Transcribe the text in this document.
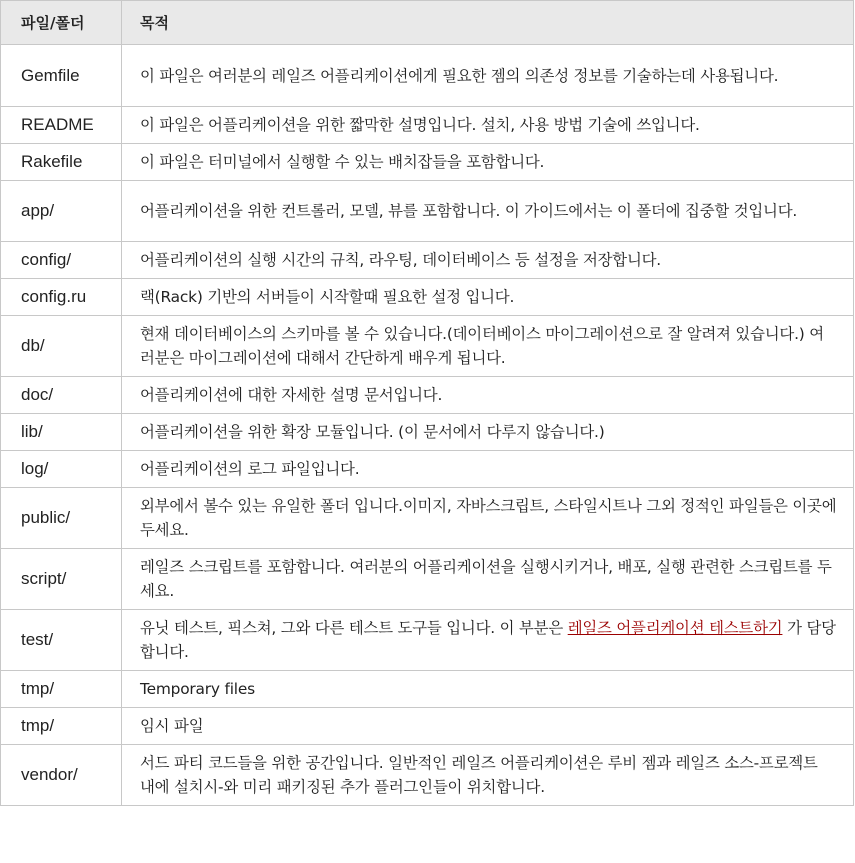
파일/폴더	목적
Gemfile	이 파일은 여러분의 레일즈 어플리케이션에게 필요한 젬의 의존성 정보를 기술하는데 사용됩니다.
README	이 파일은 어플리케이션을 위한 짧막한 설명입니다. 설치, 사용 방법 기술에 쓰입니다.
Rakefile	이 파일은 터미널에서 실행할 수 있는 배치잡들을 포함합니다.
app/	어플리케이션을 위한 컨트롤러, 모델, 뷰를 포함합니다. 이 가이드에서는 이 폴더에 집중할 것입니다.
config/	어플리케이션의 실행 시간의 규칙, 라우팅, 데이터베이스 등 설정을 저장합니다.
config.ru	랙(Rack) 기반의 서버들이 시작할때 필요한 설정 입니다.
db/	현재 데이터베이스의 스키마를 볼 수 있습니다.(데이터베이스 마이그레이션으로 잘 알려져 있습니다.) 여러분은 마이그레이션에 대해서 간단하게 배우게 됩니다.
doc/	어플리케이션에 대한 자세한 설명 문서입니다.
lib/	어플리케이션을 위한 확장 모듈입니다. (이 문서에서 다루지 않습니다.)
log/	어플리케이션의 로그 파일입니다.
public/	외부에서 볼수 있는 유일한 폴더 입니다.이미지, 자바스크립트, 스타일시트나 그외 정적인 파일들은 이곳에 두세요.
script/	레일즈 스크립트를 포함합니다. 여러분의 어플리케이션을 실행시키거나, 배포, 실행 관련한 스크립트를 두세요.
test/	유닛 테스트, 픽스쳐, 그와 다른 테스트 도구들 입니다. 이 부분은 레일즈 어플리케이션 테스트하기 가 담당합니다.
tmp/	Temporary files
tmp/	임시 파일
vendor/	서드 파티 코드들을 위한 공간입니다. 일반적인 레일즈 어플리케이션은 루비 젬과 레일즈 소스-프로젝트 내에 설치시-와 미리 패키징된 추가 플러그인들이 위치합니다.
